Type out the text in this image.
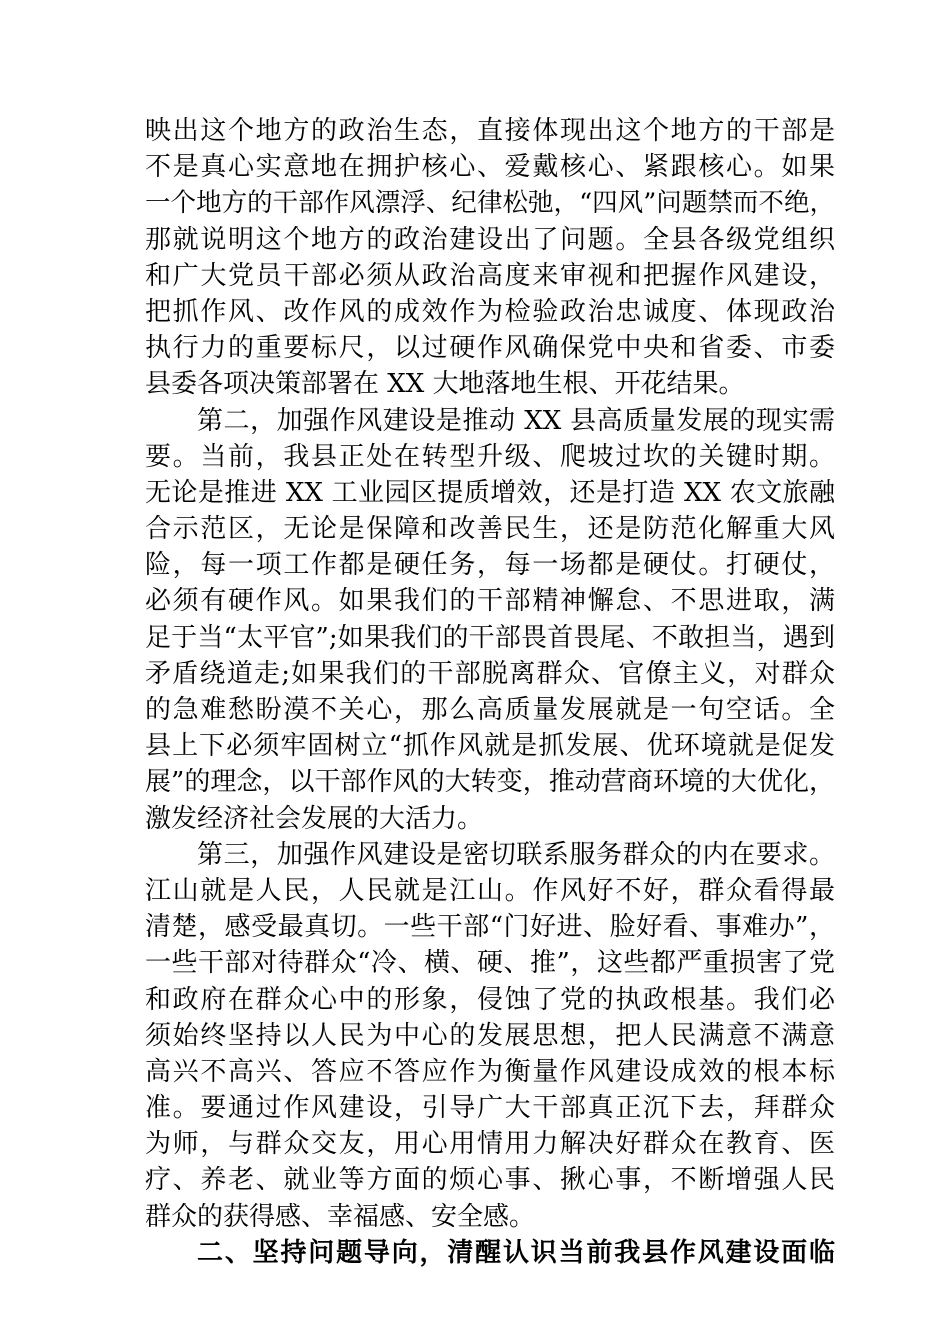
映出这个地方的政治生态，直接体现出这个地方的干部是
不是真心实意地在拥护核心、爱戴核心、紧跟核心。如果
一个地方的干部作风漂浮、纪律松弛，“四风”问题禁而不绝，
那就说明这个地方的政治建设出了问题。全县各级党组织
和广大党员干部必须从政治高度来审视和把握作风建设，
把抓作风、改作风的成效作为检验政治忠诚度、体现政治
执行力的重要标尺，以过硬作风确保党中央和省委、市委
县委各项决策部署在 XX 大地落地生根、开花结果。
第二，加强作风建设是推动 XX 县高质量发展的现实需
要。当前，我县正处在转型升级、爬坡过坎的关键时期。
无论是推进 XX 工业园区提质增效，还是打造 XX 农文旅融
合示范区，无论是保障和改善民生，还是防范化解重大风
险，每一项工作都是硬任务，每一场都是硬仗。打硬仗，
必须有硬作风。如果我们的干部精神懈怠、不思进取，满
足于当“太平官”;如果我们的干部畏首畏尾、不敢担当，遇到
矛盾绕道走;如果我们的干部脱离群众、官僚主义，对群众
的急难愁盼漠不关心，那么高质量发展就是一句空话。全
县上下必须牢固树立“抓作风就是抓发展、优环境就是促发
展”的理念，以干部作风的大转变，推动营商环境的大优化，
激发经济社会发展的大活力。
第三，加强作风建设是密切联系服务群众的内在要求。
江山就是人民，人民就是江山。作风好不好，群众看得最
清楚，感受最真切。一些干部“门好进、脸好看、事难办”，
一些干部对待群众“冷、横、硬、推”，这些都严重损害了党
和政府在群众心中的形象，侵蚀了党的执政根基。我们必
须始终坚持以人民为中心的发展思想，把人民满意不满意
高兴不高兴、答应不答应作为衡量作风建设成效的根本标
准。要通过作风建设，引导广大干部真正沉下去，拜群众
为师，与群众交友，用心用情用力解决好群众在教育、医
疗、养老、就业等方面的烦心事、揪心事，不断增强人民
群众的获得感、幸福感、安全感。
二、坚持问题导向，清醒认识当前我县作风建设面临
